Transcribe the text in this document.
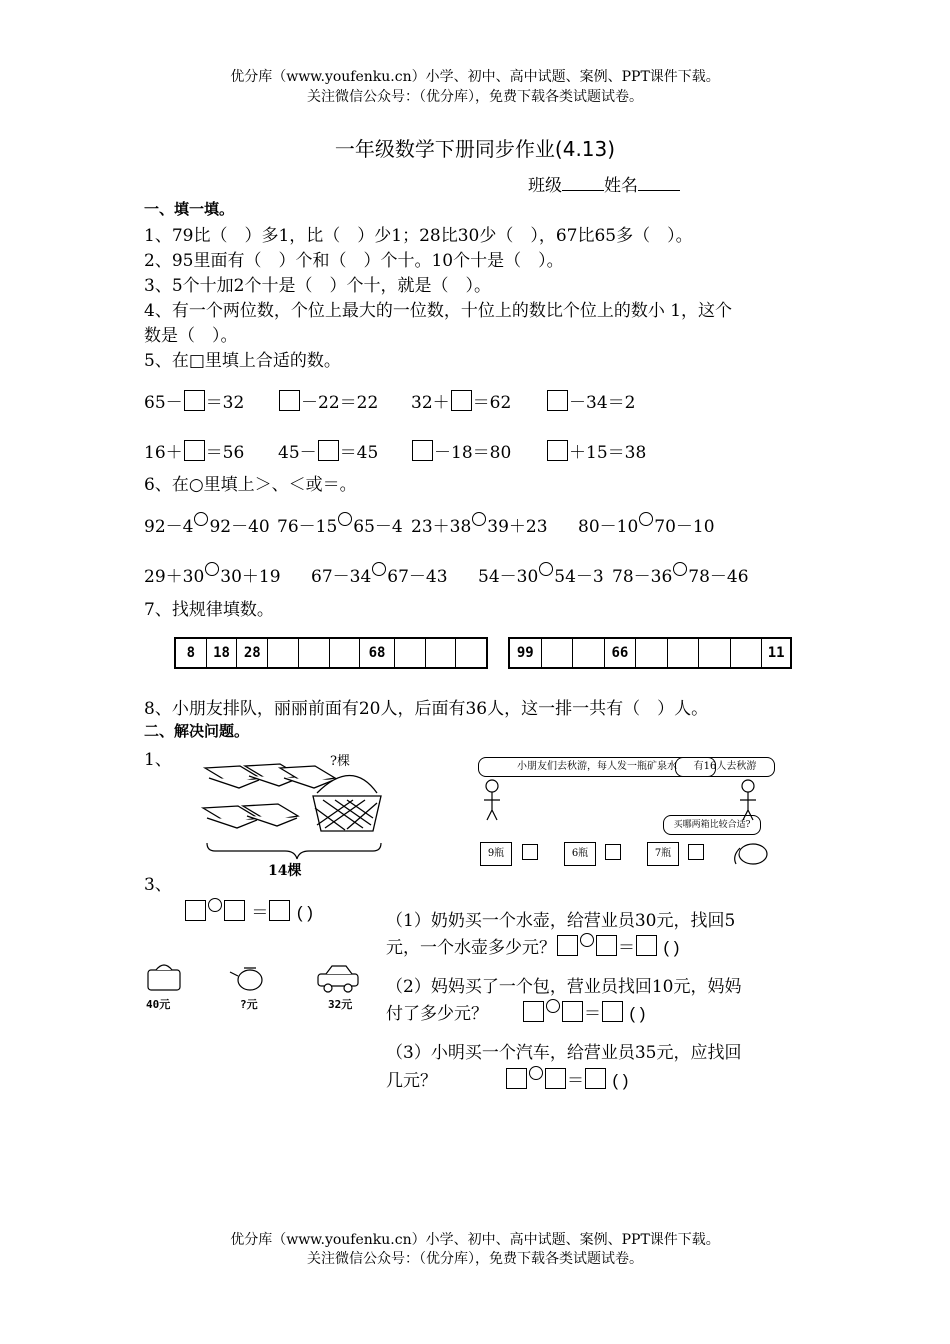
优分库（www.youfenku.cn）小学、初中、高中试题、案例、PPT课件下载。
关注微信公众号：（优分库），免费下载各类试题试卷。
一年级数学下册同步作业(4.13)
班级 姓名
一、填一填。
1、79比（　）多1，比（　）少1；28比30少（　），67比65多（　）。
2、95里面有（　）个和（　）个十。10个十是（　）。
3、5个十加2个十是（　）个十，就是（　）。
4、有一个两位数，个位上最大的一位数，十位上的数比个位上的数小 1，这个
数是（　）。
5、在□里填上合适的数。
65－ ＝32	－22＝22 32＋ ＝62	－34＝2
16＋ ＝56 45－ ＝45	－18＝80	＋15＝38
6、在○里填上＞、＜或＝。
92－4 92－40 76－15 65－4 23＋38 39＋23 80－10 70－10
29＋30 30＋19 67－34 67－43 54－30 54－3 78－36 78－46
7、找规律填数。
8	18 28	68	99	66	11
8、小朋友排队，丽丽前面有20人，后面有36人，这一排一共有（　）人。
二、解决问题。
1、	?棵
14棵
小朋友们去秋游，每人发一瓶矿泉水	有16人去秋游
买哪两箱比较合适?
9瓶	6瓶	7瓶
3、
＝ ( )
40元	?元	32元
（1）奶奶买一个水壶，给营业员30元，找回5
元，一个水壶多少元？	＝ ( )
（2）妈妈买了一个包，营业员找回10元，妈妈
付了多少元？　　	＝ ( )
（3）小明买一个汽车，给营业员35元，应找回
几元？　　　　	＝ ( )
优分库（www.youfenku.cn）小学、初中、高中试题、案例、PPT课件下载。
关注微信公众号：（优分库），免费下载各类试题试卷。
